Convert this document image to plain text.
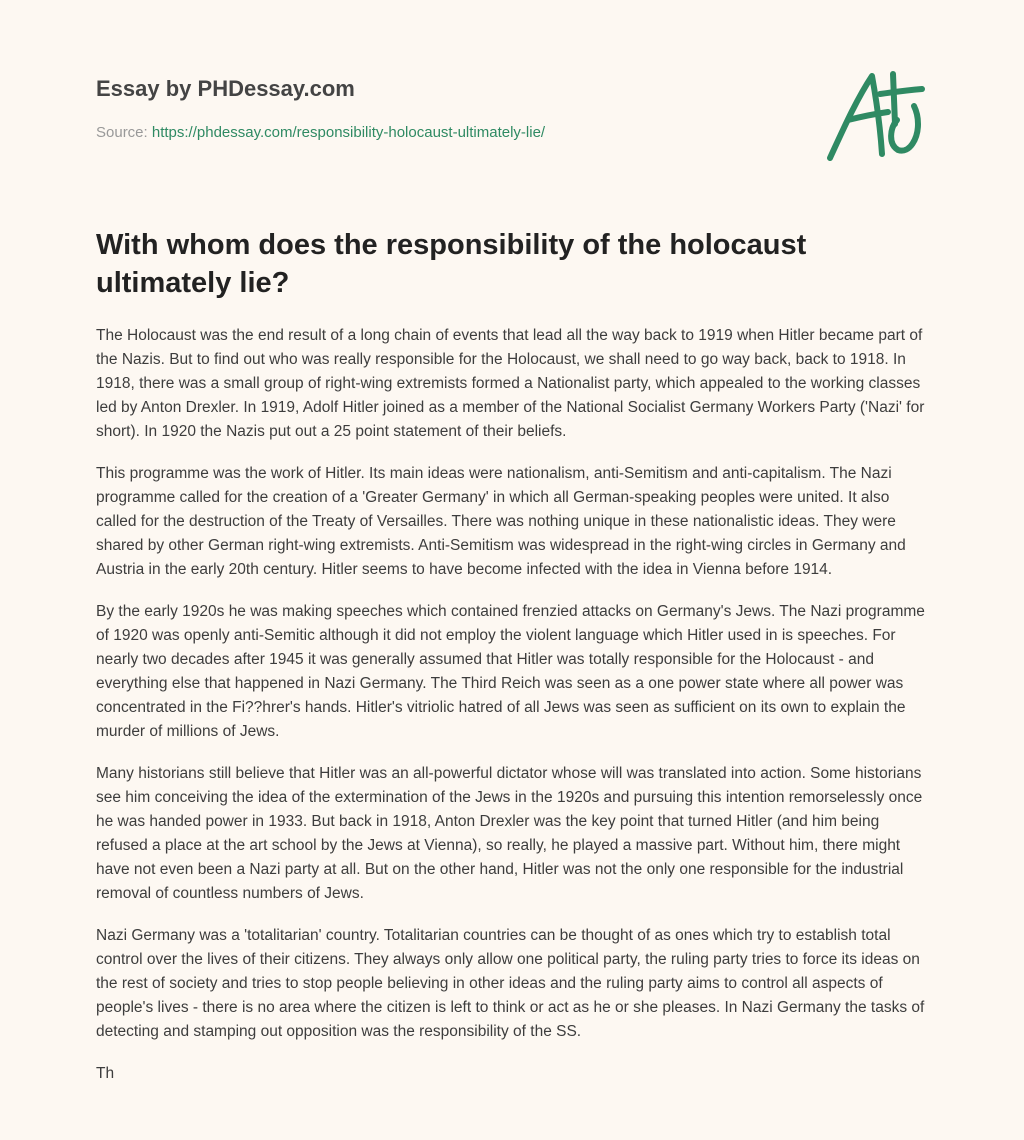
Essay by PHDessay.com
Source: https://phdessay.com/responsibility-holocaust-ultimately-lie/
With whom does the responsibility of the holocaust ultimately lie?

The Holocaust was the end result of a long chain of events that lead all the way back to 1919 when Hitler became part of the Nazis. But to find out who was really responsible for the Holocaust, we shall need to go way back, back to 1918. In 1918, there was a small group of right-wing extremists formed a Nationalist party, which appealed to the working classes led by Anton Drexler. In 1919, Adolf Hitler joined as a member of the National Socialist Germany Workers Party ('Nazi' for short). In 1920 the Nazis put out a 25 point statement of their beliefs.

This programme was the work of Hitler. Its main ideas were nationalism, anti-Semitism and anti-capitalism. The Nazi programme called for the creation of a 'Greater Germany' in which all German-speaking peoples were united. It also called for the destruction of the Treaty of Versailles. There was nothing unique in these nationalistic ideas. They were shared by other German right-wing extremists. Anti-Semitism was widespread in the right-wing circles in Germany and Austria in the early 20th century. Hitler seems to have become infected with the idea in Vienna before 1914.

By the early 1920s he was making speeches which contained frenzied attacks on Germany's Jews. The Nazi programme of 1920 was openly anti-Semitic although it did not employ the violent language which Hitler used in is speeches. For nearly two decades after 1945 it was generally assumed that Hitler was totally responsible for the Holocaust - and everything else that happened in Nazi Germany. The Third Reich was seen as a one power state where all power was concentrated in the Fi??hrer's hands. Hitler's vitriolic hatred of all Jews was seen as sufficient on its own to explain the murder of millions of Jews.

Many historians still believe that Hitler was an all-powerful dictator whose will was translated into action. Some historians see him conceiving the idea of the extermination of the Jews in the 1920s and pursuing this intention remorselessly once he was handed power in 1933. But back in 1918, Anton Drexler was the key point that turned Hitler (and him being refused a place at the art school by the Jews at Vienna), so really, he played a massive part. Without him, there might have not even been a Nazi party at all. But on the other hand, Hitler was not the only one responsible for the industrial removal of countless numbers of Jews.

Nazi Germany was a 'totalitarian' country. Totalitarian countries can be thought of as ones which try to establish total control over the lives of their citizens. They always only allow one political party, the ruling party tries to force its ideas on the rest of society and tries to stop people believing in other ideas and the ruling party aims to control all aspects of people's lives - there is no area where the citizen is left to think or act as he or she pleases. In Nazi Germany the tasks of detecting and stamping out opposition was the responsibility of the SS.

Th
